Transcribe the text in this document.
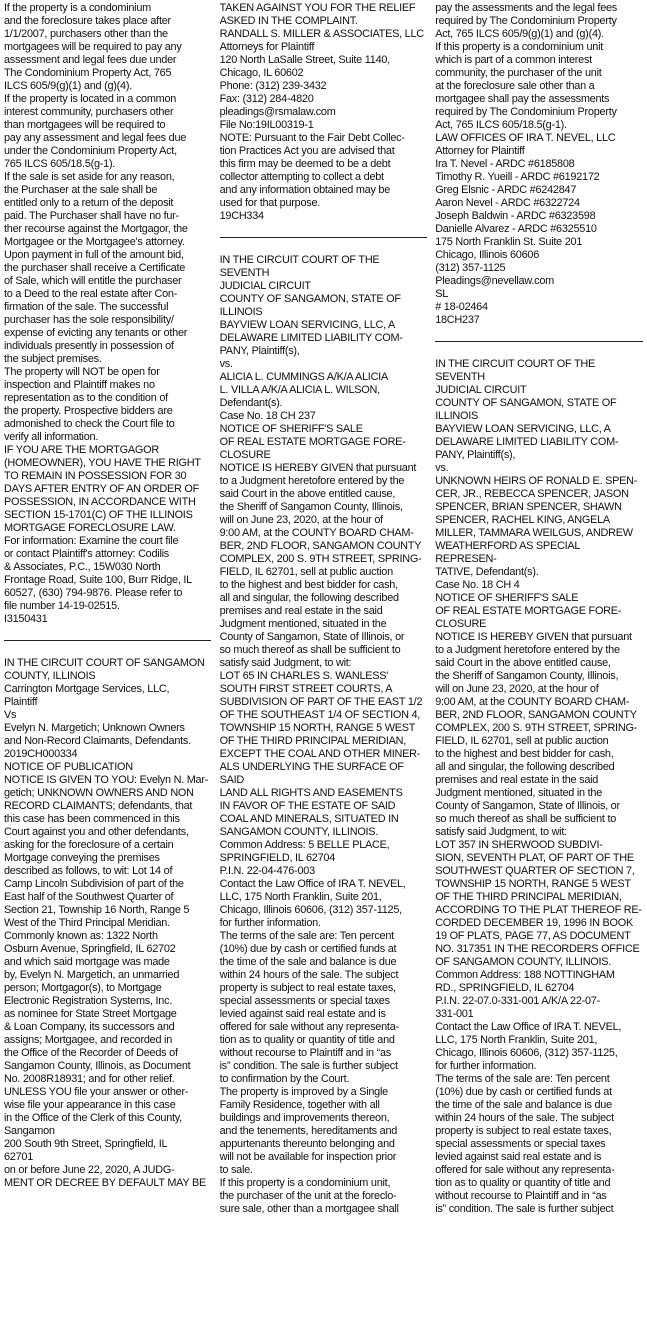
If the property is a condominium
and the foreclosure takes place after
1/1/2007, purchasers other than the
mortgagees will be required to pay any
assessment and legal fees due under
The Condominium Property Act, 765
ILCS 605/9(g)(1) and (g)(4).
If the property is located in a common
interest community, purchasers other
than mortgagees will be required to
pay any assessment and legal fees due
under the Condominium Property Act,
765 ILCS 605/18.5(g-1).
If the sale is set aside for any reason,
the Purchaser at the sale shall be
entitled only to a return of the deposit
paid. The Purchaser shall have no fur-
ther recourse against the Mortgagor, the
Mortgagee or the Mortgagee's attorney.
Upon payment in full of the amount bid,
the purchaser shall receive a Certificate
of Sale, which will entitle the purchaser
to a Deed to the real estate after Con-
firmation of the sale. The successful
purchaser has the sole responsibility/
expense of evicting any tenants or other
individuals presently in possession of
the subject premises.
The property will NOT be open for
inspection and Plaintiff makes no
representation as to the condition of
the property. Prospective bidders are
admonished to check the Court file to
verify all information.
IF YOU ARE THE MORTGAGOR
(HOMEOWNER), YOU HAVE THE RIGHT
TO REMAIN IN POSSESSION FOR 30
DAYS AFTER ENTRY OF AN ORDER OF
POSSESSION, IN ACCORDANCE WITH
SECTION 15-1701(C) OF THE ILLINOIS
MORTGAGE FORECLOSURE LAW.
For information: Examine the court file
or contact Plaintiff's attorney: Codilis
& Associates, P.C., 15W030 North
Frontage Road, Suite 100, Burr Ridge, IL
60527, (630) 794-9876. Please refer to
file number 14-19-02515.
I3150431

IN THE CIRCUIT COURT OF SANGAMON
COUNTY, ILLINOIS
Carrington Mortgage Services, LLC,
Plaintiff
Vs
Evelyn N. Margetich; Unknown Owners
and Non-Record Claimants, Defendants.
2019CH000334
NOTICE OF PUBLICATION
NOTICE IS GIVEN TO YOU: Evelyn N. Mar-
getich; UNKNOWN OWNERS AND NON
RECORD CLAIMANTS; defendants, that
this case has been commenced in this
Court against you and other defendants,
asking for the foreclosure of a certain
Mortgage conveying the premises
described as follows, to wit: Lot 14 of
Camp Lincoln Subdivision of part of the
East half of the Southwest Quarter of
Section 21, Township 16 North, Range 5
West of the Third Principal Meridian.
Commonly known as: 1322 North
Osburn Avenue, Springfield, IL 62702
and which said mortgage was made
by, Evelyn N. Margetich, an unmarried
person; Mortgagor(s), to Mortgage
Electronic Registration Systems, Inc.
as nominee for State Street Mortgage
& Loan Company, its successors and
assigns; Mortgagee, and recorded in
the Office of the Recorder of Deeds of
Sangamon County, Illinois, as Document
No. 2008R18931; and for other relief.
UNLESS YOU file your answer or other-
wise file your appearance in this case
in the Office of the Clerk of this County,
Sangamon
200 South 9th Street, Springfield, IL
62701
on or before June 22, 2020, A JUDG-
MENT OR DECREE BY DEFAULT MAY BE

TAKEN AGAINST YOU FOR THE RELIEF
ASKED IN THE COMPLAINT.
RANDALL S. MILLER & ASSOCIATES, LLC
Attorneys for Plaintiff
120 North LaSalle Street, Suite 1140,
Chicago, IL 60602
Phone: (312) 239-3432
Fax: (312) 284-4820
pleadings@rsmalaw.com
File No:19IL00319-1
NOTE: Pursuant to the Fair Debt Collec-
tion Practices Act you are advised that
this firm may be deemed to be a debt
collector attempting to collect a debt
and any information obtained may be
used for that purpose.
19CH334

IN THE CIRCUIT COURT OF THE SEVENTH
JUDICIAL CIRCUIT
COUNTY OF SANGAMON, STATE OF
ILLINOIS
BAYVIEW LOAN SERVICING, LLC, A
DELAWARE LIMITED LIABILITY COM-
PANY, Plaintiff(s),
vs.
ALICIA L. CUMMINGS A/K/A ALICIA
L. VILLA A/K/A ALICIA L. WILSON,
Defendant(s).
Case No. 18 CH 237
NOTICE OF SHERIFF'S SALE
OF REAL ESTATE MORTGAGE FORE-
CLOSURE
NOTICE IS HEREBY GIVEN that pursuant
to a Judgment heretofore entered by the
said Court in the above entitled cause,
the Sheriff of Sangamon County, Illinois,
will on June 23, 2020, at the hour of
9:00 AM, at the COUNTY BOARD CHAM-
BER, 2ND FLOOR, SANGAMON COUNTY
COMPLEX, 200 S. 9TH STREET, SPRING-
FIELD, IL 62701, sell at public auction
to the highest and best bidder for cash,
all and singular, the following described
premises and real estate in the said
Judgment mentioned, situated in the
County of Sangamon, State of Illinois, or
so much thereof as shall be sufficient to
satisfy said Judgment, to wit:
LOT 65 IN CHARLES S. WANLESS'
SOUTH FIRST STREET COURTS, A
SUBDIVISION OF PART OF THE EAST 1/2
OF THE SOUTHEAST 1/4 OF SECTION 4,
TOWNSHIP 15 NORTH, RANGE 5 WEST
OF THE THIRD PRINCIPAL MERIDIAN,
EXCEPT THE COAL AND OTHER MINER-
ALS UNDERLYING THE SURFACE OF SAID
LAND ALL RIGHTS AND EASEMENTS
IN FAVOR OF THE ESTATE OF SAID
COAL AND MINERALS, SITUATED IN
SANGAMON COUNTY, ILLINOIS.
Common Address: 5 BELLE PLACE,
SPRINGFIELD, IL 62704
P.I.N. 22-04-476-003
Contact the Law Office of IRA T. NEVEL,
LLC, 175 North Franklin, Suite 201,
Chicago, Illinois 60606, (312) 357-1125,
for further information.
The terms of the sale are: Ten percent
(10%) due by cash or certified funds at
the time of the sale and balance is due
within 24 hours of the sale. The subject
property is subject to real estate taxes,
special assessments or special taxes
levied against said real estate and is
offered for sale without any representa-
tion as to quality or quantity of title and
without recourse to Plaintiff and in “as
is” condition. The sale is further subject
to confirmation by the Court.
The property is improved by a Single
Family Residence, together with all
buildings and improvements thereon,
and the tenements, hereditaments and
appurtenants thereunto belonging and
will not be available for inspection prior
to sale.
If this property is a condominium unit,
the purchaser of the unit at the foreclo-
sure sale, other than a mortgagee shall

pay the assessments and the legal fees
required by The Condominium Property
Act, 765 ILCS 605/9(g)(1) and (g)(4).
If this property is a condominium unit
which is part of a common interest
community, the purchaser of the unit
at the foreclosure sale other than a
mortgagee shall pay the assessments
required by The Condominium Property
Act, 765 ILCS 605/18.5(g-1).
LAW OFFICES OF IRA T. NEVEL, LLC
Attorney for Plaintiff
Ira T. Nevel - ARDC #6185808
Timothy R. Yueill - ARDC #6192172
Greg Elsnic - ARDC #6242847
Aaron Nevel - ARDC #6322724
Joseph Baldwin - ARDC #6323598
Danielle Alvarez - ARDC #6325510
175 North Franklin St. Suite 201
Chicago, Illinois 60606
(312) 357-1125
Pleadings@nevellaw.com
SL
# 18-02464
18CH237

IN THE CIRCUIT COURT OF THE SEVENTH
JUDICIAL CIRCUIT
COUNTY OF SANGAMON, STATE OF
ILLINOIS
BAYVIEW LOAN SERVICING, LLC, A
DELAWARE LIMITED LIABILITY COM-
PANY, Plaintiff(s),
vs.
UNKNOWN HEIRS OF RONALD E. SPEN-
CER, JR., REBECCA SPENCER, JASON
SPENCER, BRIAN SPENCER, SHAWN
SPENCER, RACHEL KING, ANGELA
MILLER, TAMMARA WEILGUS, ANDREW
WEATHERFORD AS SPECIAL REPRESEN-
TATIVE, Defendant(s).
Case No. 18 CH 4
NOTICE OF SHERIFF'S SALE
OF REAL ESTATE MORTGAGE FORE-
CLOSURE
NOTICE IS HEREBY GIVEN that pursuant
to a Judgment heretofore entered by the
said Court in the above entitled cause,
the Sheriff of Sangamon County, Illinois,
will on June 23, 2020, at the hour of
9:00 AM, at the COUNTY BOARD CHAM-
BER, 2ND FLOOR, SANGAMON COUNTY
COMPLEX, 200 S. 9TH STREET, SPRING-
FIELD, IL 62701, sell at public auction
to the highest and best bidder for cash,
all and singular, the following described
premises and real estate in the said
Judgment mentioned, situated in the
County of Sangamon, State of Illinois, or
so much thereof as shall be sufficient to
satisfy said Judgment, to wit:
LOT 357 IN SHERWOOD SUBDIVI-
SION, SEVENTH PLAT, OF PART OF THE
SOUTHWEST QUARTER OF SECTION 7,
TOWNSHIP 15 NORTH, RANGE 5 WEST
OF THE THIRD PRINCIPAL MERIDIAN,
ACCORDING TO THE PLAT THEREOF RE-
CORDED DECEMBER 19, 1996 IN BOOK
19 OF PLATS, PAGE 77, AS DOCUMENT
NO. 317351 IN THE RECORDERS OFFICE
OF SANGAMON COUNTY, ILLINOIS.
Common Address: 188 NOTTINGHAM
RD., SPRINGFIELD, IL 62704
P.I.N. 22-07.0-331-001 A/K/A 22-07-
331-001
Contact the Law Office of IRA T. NEVEL,
LLC, 175 North Franklin, Suite 201,
Chicago, Illinois 60606, (312) 357-1125,
for further information.
The terms of the sale are: Ten percent
(10%) due by cash or certified funds at
the time of the sale and balance is due
within 24 hours of the sale. The subject
property is subject to real estate taxes,
special assessments or special taxes
levied against said real estate and is
offered for sale without any representa-
tion as to quality or quantity of title and
without recourse to Plaintiff and in “as
is” condition. The sale is further subject
